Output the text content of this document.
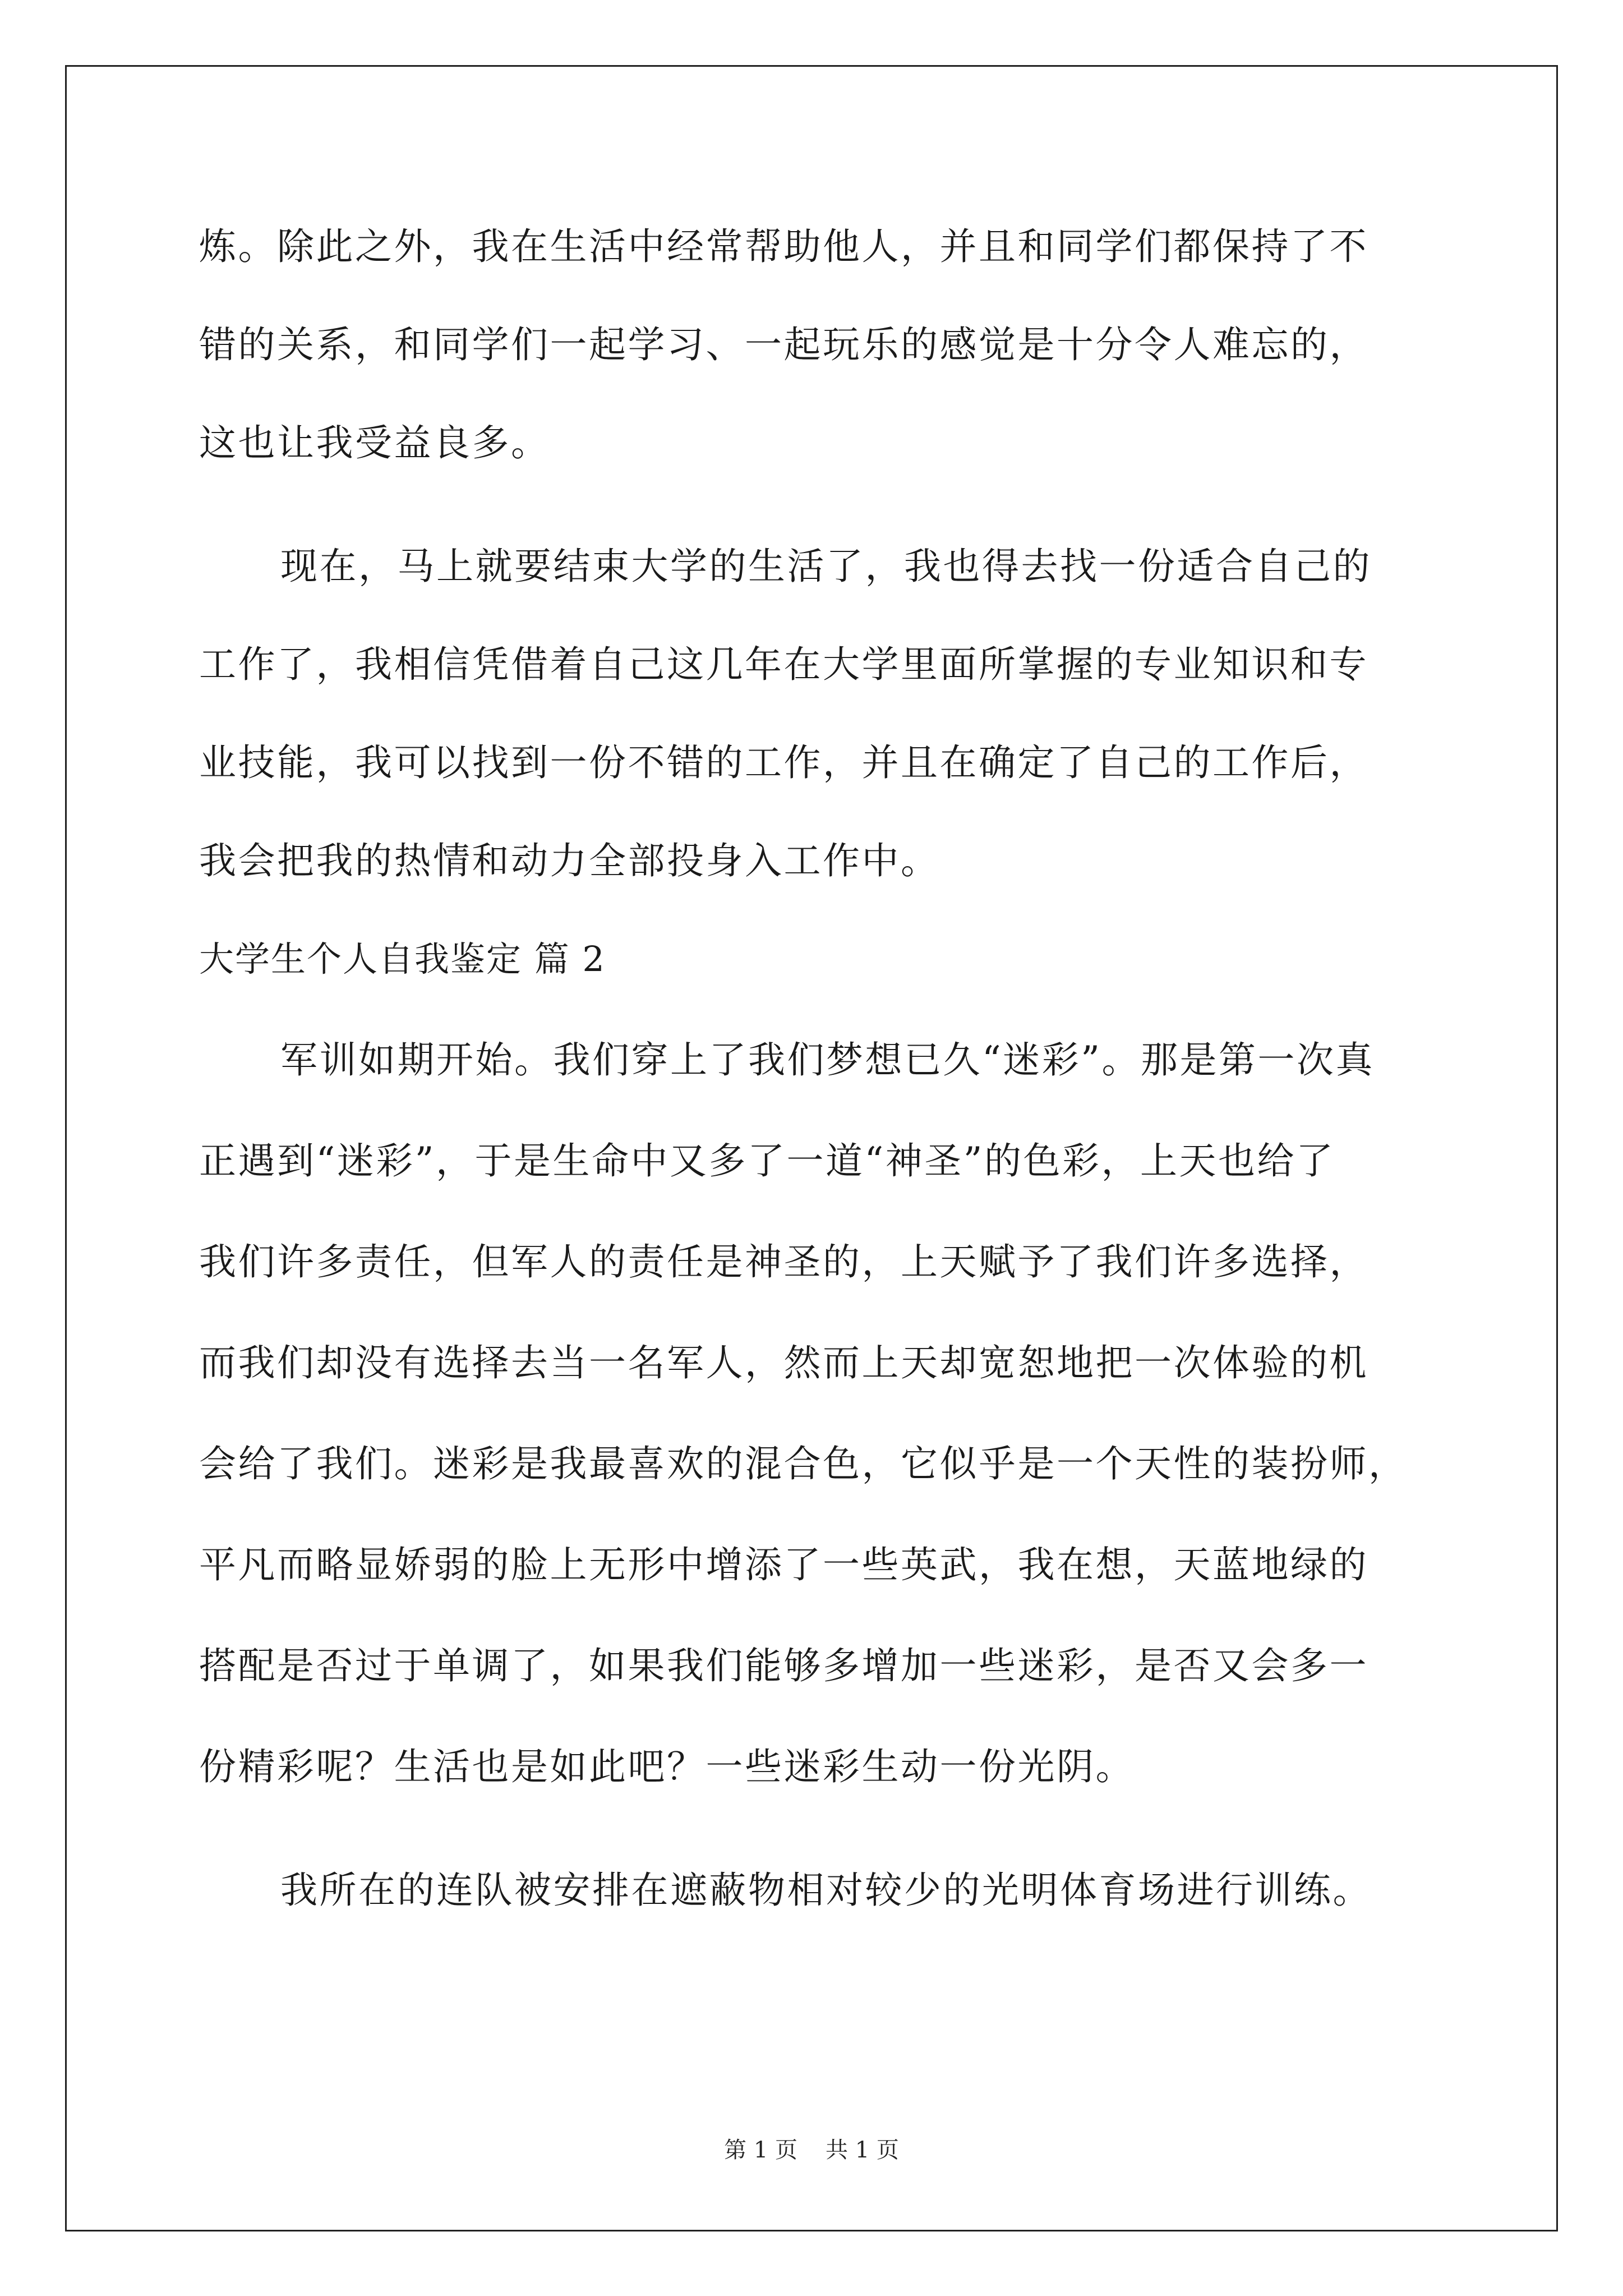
炼。除此之外，我在生活中经常帮助他人，并且和同学们都保持了不
错的关系，和同学们一起学习、一起玩乐的感觉是十分令人难忘的，
这也让我受益良多。
现在，马上就要结束大学的生活了，我也得去找一份适合自己的
工作了，我相信凭借着自己这几年在大学里面所掌握的专业知识和专
业技能，我可以找到一份不错的工作，并且在确定了自己的工作后，
我会把我的热情和动力全部投身入工作中。
大学生个人自我鉴定 篇 2
军训如期开始。我们穿上了我们梦想已久“迷彩”。那是第一次真
正遇到“迷彩”，于是生命中又多了一道“神圣”的色彩，上天也给了
我们许多责任，但军人的责任是神圣的，上天赋予了我们许多选择，
而我们却没有选择去当一名军人，然而上天却宽恕地把一次体验的机
会给了我们。迷彩是我最喜欢的混合色，它似乎是一个天性的装扮师，
平凡而略显娇弱的脸上无形中增添了一些英武，我在想，天蓝地绿的
搭配是否过于单调了，如果我们能够多增加一些迷彩，是否又会多一
份精彩呢？生活也是如此吧？一些迷彩生动一份光阴。
我所在的连队被安排在遮蔽物相对较少的光明体育场进行训练。
第 1 页 共 1 页
